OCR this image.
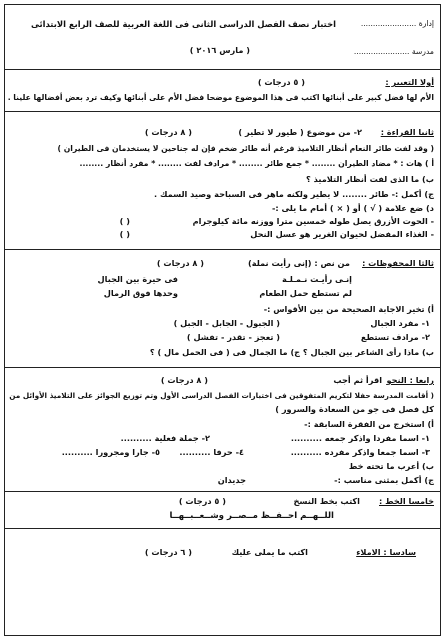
إدارة .......................
اختبار نصف الفصل الدراسى الثانى فى اللغة العربية للصف الرابع الابتدائى
مدرسة .......................
( مارس ٢٠١٦ )
أولا التعبير :
( ٥ درجات )
الأم لها فضل كبير على أبنائها اكتب فى هذا الموضوع موضحا فضل الأم على أبنائها وكيف ترد بعض أفضالها علينا .
ثانيا القراءة :
٢- من موضوع ( طيور لا تطير )
( ٨ درجات )
( وقد لفت طائر النعام أنظار التلاميذ فرغم أنه طائر ضخم فإن له جناحين لا يستخدمان فى الطيران )
أ ) هات : * مضاد الطيران ........ * جمع طائر ........ * مرادف لفت ........ * مفرد أنظار ........
ب) ما الذى لفت أنظار التلاميذ ؟
ج) أكمل :- طائر ........ لا يطير ولكنه ماهر فى السباحة وصيد السمك .
د) ضع علامة ( √ ) أو ( × ) أمام ما يلى :-
- الحوت الأزرق يصل طوله خمسين مترا ووزنه مائة كيلوجرام
( )
- الغذاء المفضل لحيوان الغرير هو عسل النحل
( )
ثالثا المحفوظات :
من نص : (إنى رأيت نملة)
( ٨ درجات )
إنـى رأيـت نـمـلـة
فى حيرة بين الجبال
لم تستطع حمل الطعام
وحدها فوق الرمال
أ) تخير الاجابة الصحيحة من بين الأقواس :-
١- مفرد الجبال
( الجبول - الجابل - الجبل )
٢- مرادف تستطع
( تعجز - تقدر - تفشل )
ب) ماذا رأى الشاعر بين الجبال ؟ ج) ما الجمال فى ( فى الحمل مال ) ؟
رابعا : النحو
اقرأ ثم أجب
( ٨ درجات )
( أقامت المدرسة حفلا لتكريم المتفوقين فى اختبارات الفصل الدراسى الأول وتم توزيع الجوائز على التلاميذ الأوائل من
كل فصل فى جو من السعادة والسرور )
أ) استخرج من الفقرة السابقة :-
١- اسما مفردا واذكر جمعه ..........
٢- جملة فعلية ..........
٣- اسما جمعا واذكر مفرده ..........
٤- حرفا ..........
٥- جارا ومجرورا ..........
ب) أعرب ما تحته خط
ج) أكمل بمثنى مناسب :-
جديدان
خامسا الخط :
اكتب بخط النسخ
( ٥ درجات )
اللــهــم احــفــظ مــصــر وشــعــبــهــا
سادسا : الاملاء
اكتب ما يملى عليك
( ٦ درجات )
